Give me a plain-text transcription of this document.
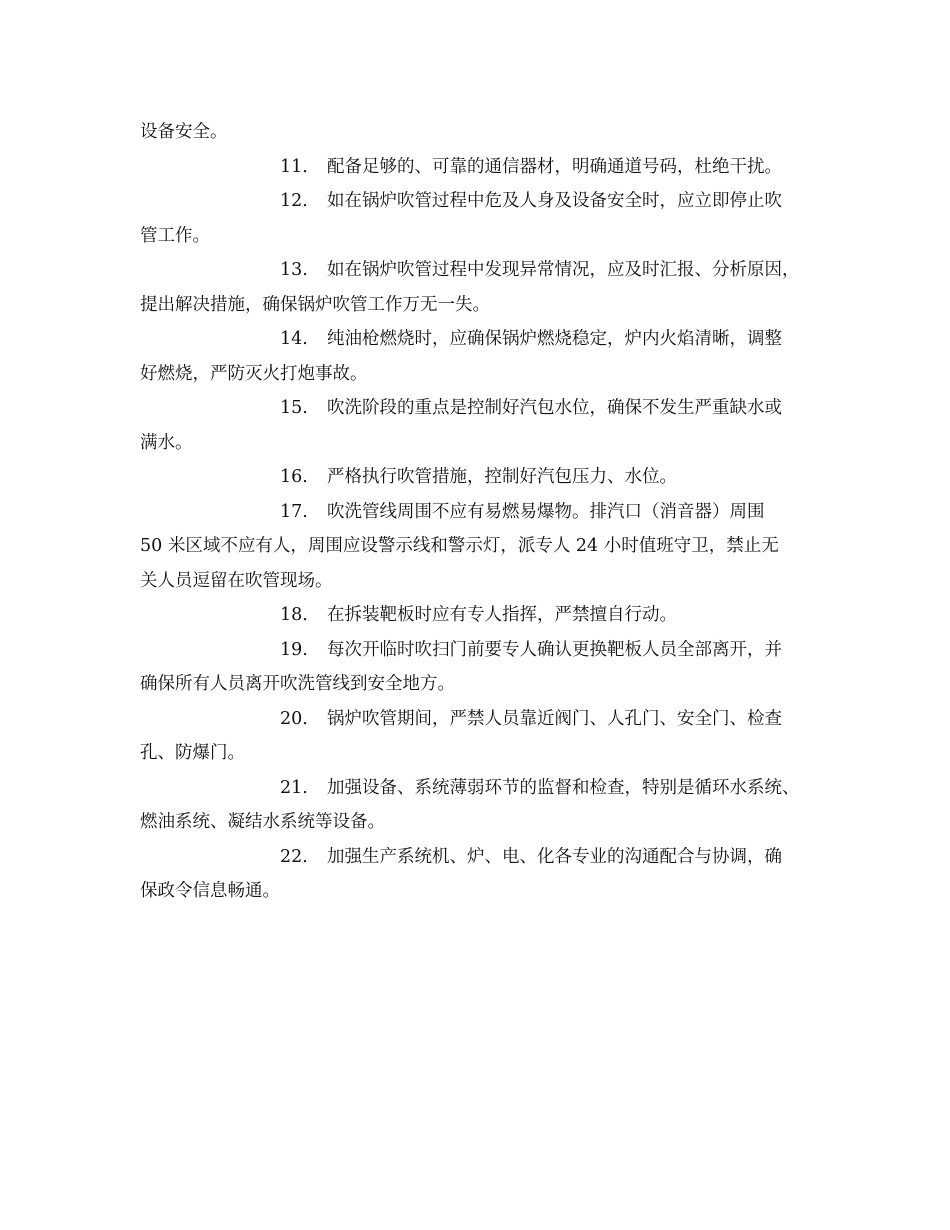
设备安全。
11. 配备足够的、可靠的通信器材，明确通道号码，杜绝干扰。
12. 如在锅炉吹管过程中危及人身及设备安全时，应立即停止吹
管工作。
13. 如在锅炉吹管过程中发现异常情况，应及时汇报、分析原因，
提出解决措施，确保锅炉吹管工作万无一失。
14. 纯油枪燃烧时，应确保锅炉燃烧稳定，炉内火焰清晰，调整
好燃烧，严防灭火打炮事故。
15. 吹洗阶段的重点是控制好汽包水位，确保不发生严重缺水或
满水。
16. 严格执行吹管措施，控制好汽包压力、水位。
17. 吹洗管线周围不应有易燃易爆物。排汽口（消音器）周围
50 米区域不应有人，周围应设警示线和警示灯，派专人 24 小时值班守卫，禁止无
关人员逗留在吹管现场。
18. 在拆装靶板时应有专人指挥，严禁擅自行动。
19. 每次开临时吹扫门前要专人确认更换靶板人员全部离开，并
确保所有人员离开吹洗管线到安全地方。
20. 锅炉吹管期间，严禁人员靠近阀门、人孔门、安全门、检查
孔、防爆门。
21. 加强设备、系统薄弱环节的监督和检查，特别是循环水系统、
燃油系统、凝结水系统等设备。
22. 加强生产系统机、炉、电、化各专业的沟通配合与协调，确
保政令信息畅通。
